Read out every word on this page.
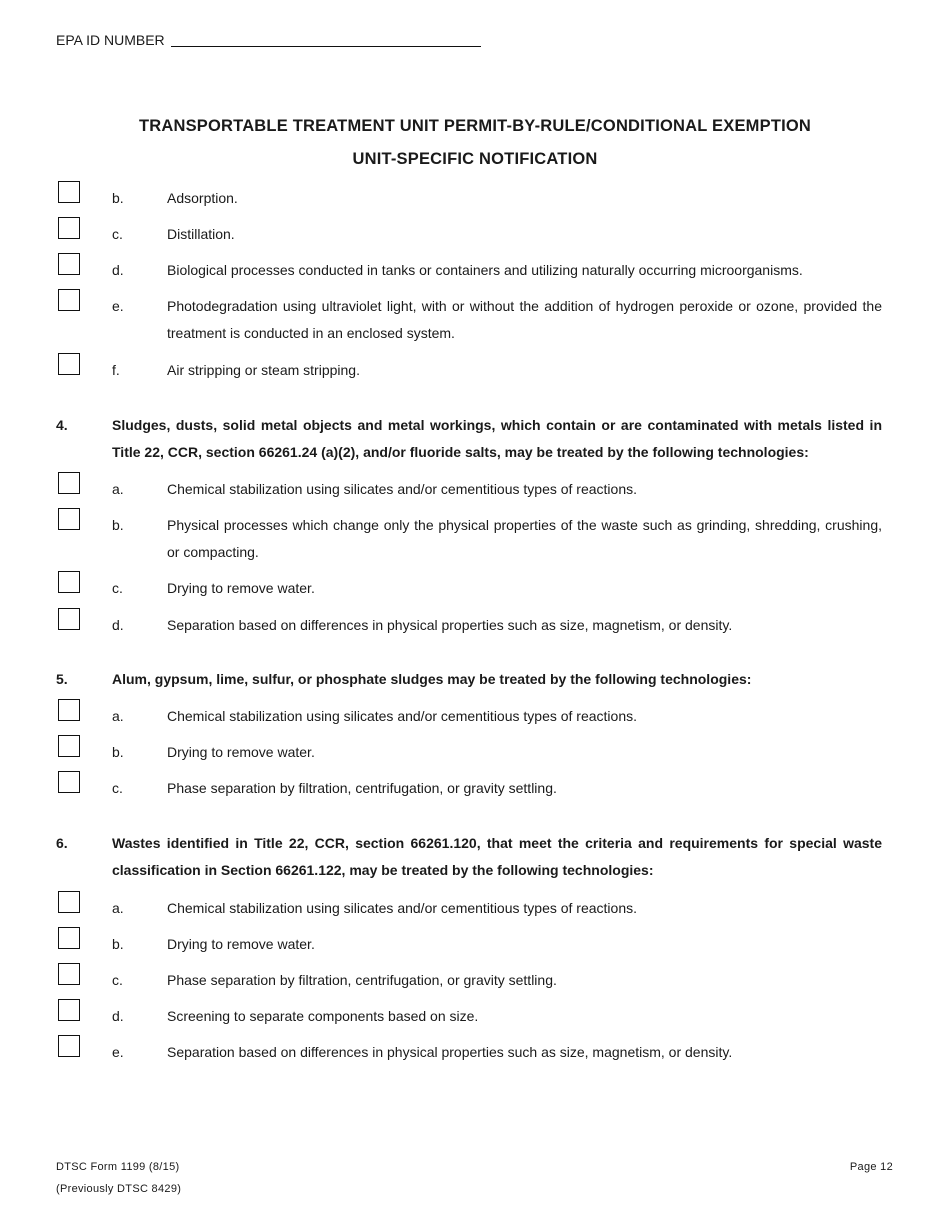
EPA ID NUMBER
TRANSPORTABLE TREATMENT UNIT PERMIT-BY-RULE/CONDITIONAL EXEMPTION
UNIT-SPECIFIC NOTIFICATION
b.	Adsorption.
c.	Distillation.
d.	Biological processes conducted in tanks or containers and utilizing naturally occurring microorganisms.
e.	Photodegradation using ultraviolet light, with or without the addition of hydrogen peroxide or ozone, provided the treatment is conducted in an enclosed system.
f.	Air stripping or steam stripping.
4.	Sludges, dusts, solid metal objects and metal workings, which contain or are contaminated with metals listed in Title 22, CCR, section 66261.24 (a)(2), and/or fluoride salts, may be treated by the following technologies:
a.	Chemical stabilization using silicates and/or cementitious types of reactions.
b.	Physical processes which change only the physical properties of the waste such as grinding, shredding, crushing, or compacting.
c.	Drying to remove water.
d.	Separation based on differences in physical properties such as size, magnetism, or density.
5.	Alum, gypsum, lime, sulfur, or phosphate sludges may be treated by the following technologies:
a.	Chemical stabilization using silicates and/or cementitious types of reactions.
b.	Drying to remove water.
c.	Phase separation by filtration, centrifugation, or gravity settling.
6.	Wastes identified in Title 22, CCR, section 66261.120, that meet the criteria and requirements for special waste classification in Section 66261.122, may be treated by the following technologies:
a.	Chemical stabilization using silicates and/or cementitious types of reactions.
b.	Drying to remove water.
c.	Phase separation by filtration, centrifugation, or gravity settling.
d.	Screening to separate components based on size.
e.	Separation based on differences in physical properties such as size, magnetism, or density.
DTSC Form 1199 (8/15)
(Previously DTSC 8429)
Page 12
